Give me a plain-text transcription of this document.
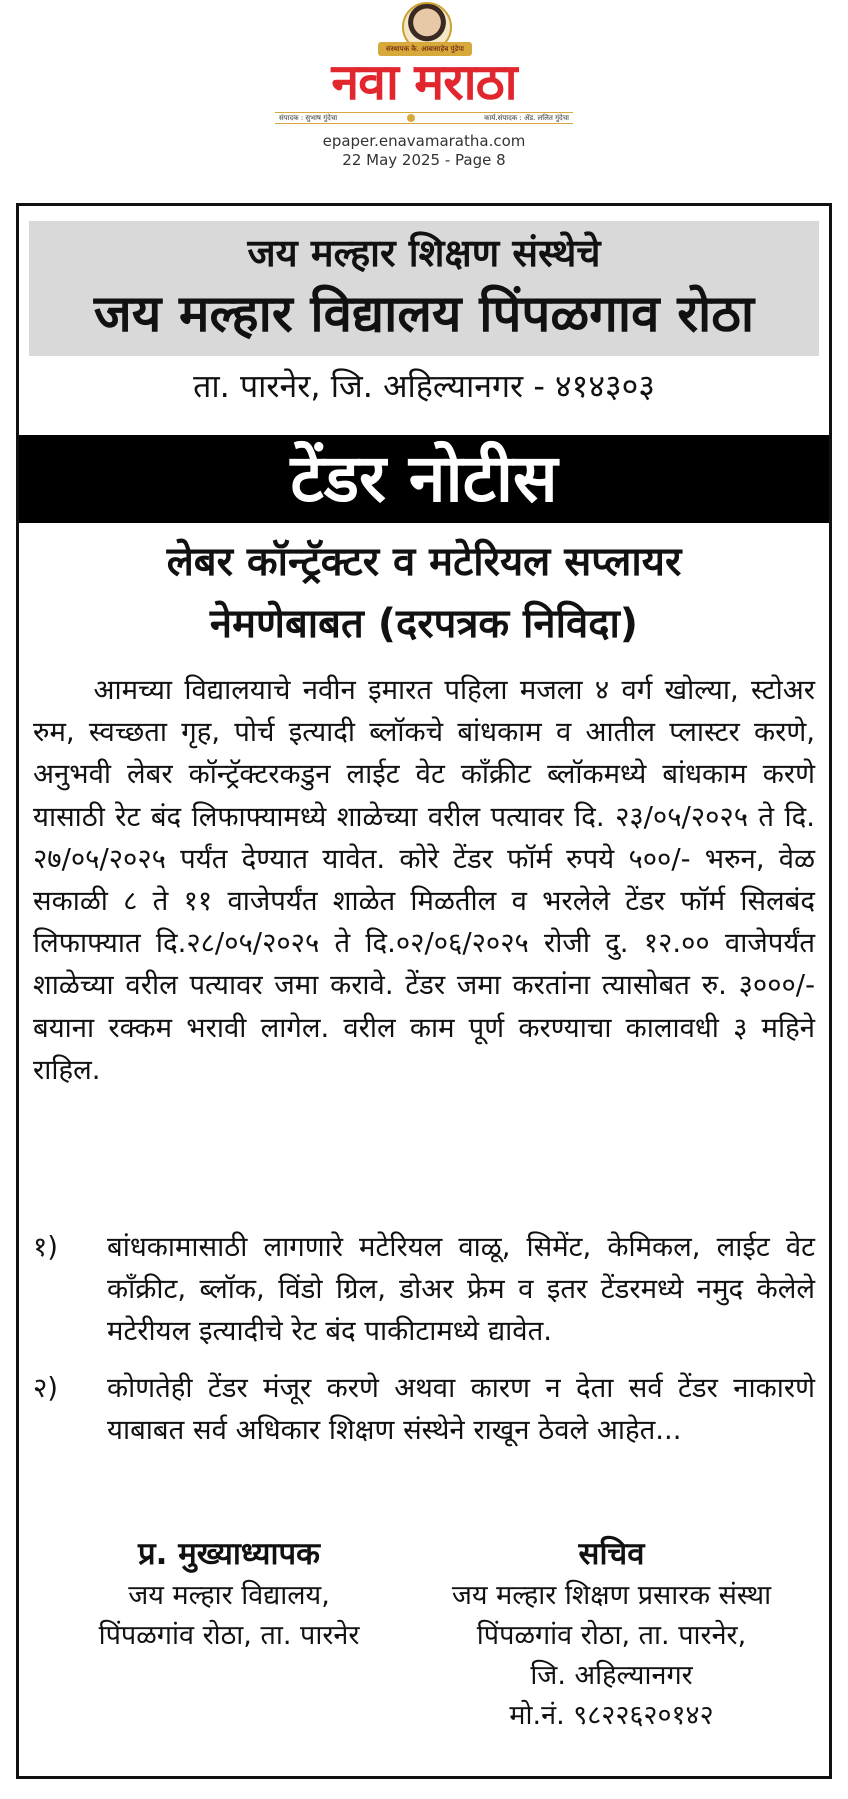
संस्थापक कै. आबासाहेब पुंडेपा
नवा मराठा
संपादक : सुभाष गुंदेचा	कार्य.संपादक : ॲड. ललित गुंदेचा
epaper.enavamaratha.com
22 May 2025 - Page 8
जय मल्हार शिक्षण संस्थेचे
जय मल्हार विद्यालय पिंपळगाव रोठा
ता. पारनेर, जि. अहिल्यानगर - ४१४३०३
टेंडर नोटीस
लेबर कॉन्ट्रॅक्टर व मटेरियल सप्लायर
नेमणेबाबत (दरपत्रक निविदा)

आमच्या विद्यालयाचे नवीन इमारत पहिला मजला ४ वर्ग खोल्या, स्टोअर रुम, स्वच्छता गृह, पोर्च इत्यादी ब्लॉकचे बांधकाम व आतील प्लास्टर करणे, अनुभवी लेबर कॉन्ट्रॅक्टरकडुन लाईट वेट कॉंक्रीट ब्लॉकमध्ये बांधकाम करणे यासाठी रेट बंद लिफाफ्यामध्ये शाळेच्या वरील पत्यावर दि. २३/०५/२०२५ ते दि. २७/०५/२०२५ पर्यंत देण्यात यावेत. कोरे टेंडर फॉर्म रुपये ५००/- भरुन, वेळ सकाळी ८ ते ११ वाजेपर्यंत शाळेत मिळतील व भरलेले टेंडर फॉर्म सिलबंद लिफाफ्यात दि.२८/०५/२०२५ ते दि.०२/०६/२०२५ रोजी दु. १२.०० वाजेपर्यंत शाळेच्या वरील पत्यावर जमा करावे. टेंडर जमा करतांना त्यासोबत रु. ३०००/- बयाना रक्कम भरावी लागेल. वरील काम पूर्ण करण्याचा कालावधी ३ महिने राहिल.

१)	बांधकामासाठी लागणारे मटेरियल वाळू, सिमेंट, केमिकल, लाईट वेट कॉंक्रीट, ब्लॉक, विंडो ग्रिल, डोअर फ्रेम व इतर टेंडरमध्ये नमुद केलेले मटेरीयल इत्यादीचे रेट बंद पाकीटामध्ये द्यावेत.
२)	कोणतेही टेंडर मंजूर करणे अथवा कारण न देता सर्व टेंडर नाकारणे याबाबत सर्व अधिकार शिक्षण संस्थेने राखून ठेवले आहेत...
प्र. मुख्याध्यापक
जय मल्हार विद्यालय,
पिंपळगांव रोठा, ता. पारनेर
सचिव
जय मल्हार शिक्षण प्रसारक संस्था
पिंपळगांव रोठा, ता. पारनेर,
जि. अहिल्यानगर
मो.नं. ९८२२६२०१४२
